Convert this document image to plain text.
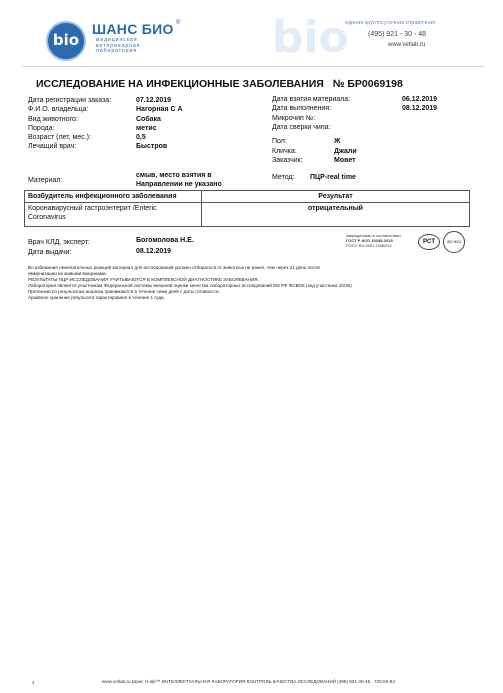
bio
ШАНС БИО ®
медицинская
ветеринарная
лаборатория	bio
единая круглосуточная справочная
(495) 921 - 30 - 48
www.vetlab.ru
ИССЛЕДОВАНИЕ НА ИНФЕКЦИОННЫЕ ЗАБОЛЕВАНИЯ № БР0069198
Дата регистрации заказа:	07.12.2019
Ф.И.О. владельца:	Нагорная С А
Вид животного:	Собака
Порода:	метис
Возраст (лет, мес.):	0,5
Лечащий врач:	Быстров
Дата взятия материала:	06.12.2019
Дата выполнения:	08.12.2019
Микрочип №:
Дата сверки чипа:
Пол:	Ж
Кличка:	Джали
Заказчик:	Мовет
Материал:
смыв, место взятия в
Направлении не указано
Метод: ПЦР-real time
Возбудитель инфекционного заболевания	Результат

Коронавирусный гастроэнтерит /Enteric
Coronavirus	отрицательный
Врач КЛД, эксперт:	Богомолова Н.Е.
Дата выдачи:	08.12.2019
Аккредитован в соответствии
ГОСТ Р ИСО 15189-2015
РОСС RU.0001.21МЮ12
PCT	ISO 9001
Во избежание нежелательных реакций материал для исследований должен отбираться от животных не ранее, чем через 21 день после
иммунизации их живыми вакцинами.
РЕЗУЛЬТАТЫ ПЦР-ИССЛЕДОВАНИЯ УЧИТЫВАЮТСЯ В КОМПЛЕКСНОЙ ДИАГНОСТИКЕ ЗАБОЛЕВАНИЯ.
Лаборатория является участником Федеральной системы внешней оценки качества лабораторных исследований МЗ РФ ФСВОК (код участника 10/35)
Претензии по результатам анализа принимаются в течение семи дней с даты готовности.
Архивное хранение результата гарантировано в течение 1 года.
1	www.vetlab.ru Шанс Н-lab™ ИНТЕЛЛЕКТУАЛЬНАЯ ЛАБОРАТОРИЯ КОНТРОЛЬ КАЧЕСТВА ИССЛЕДОВАНИЙ (495) 921-30-48 , 730-50-84
